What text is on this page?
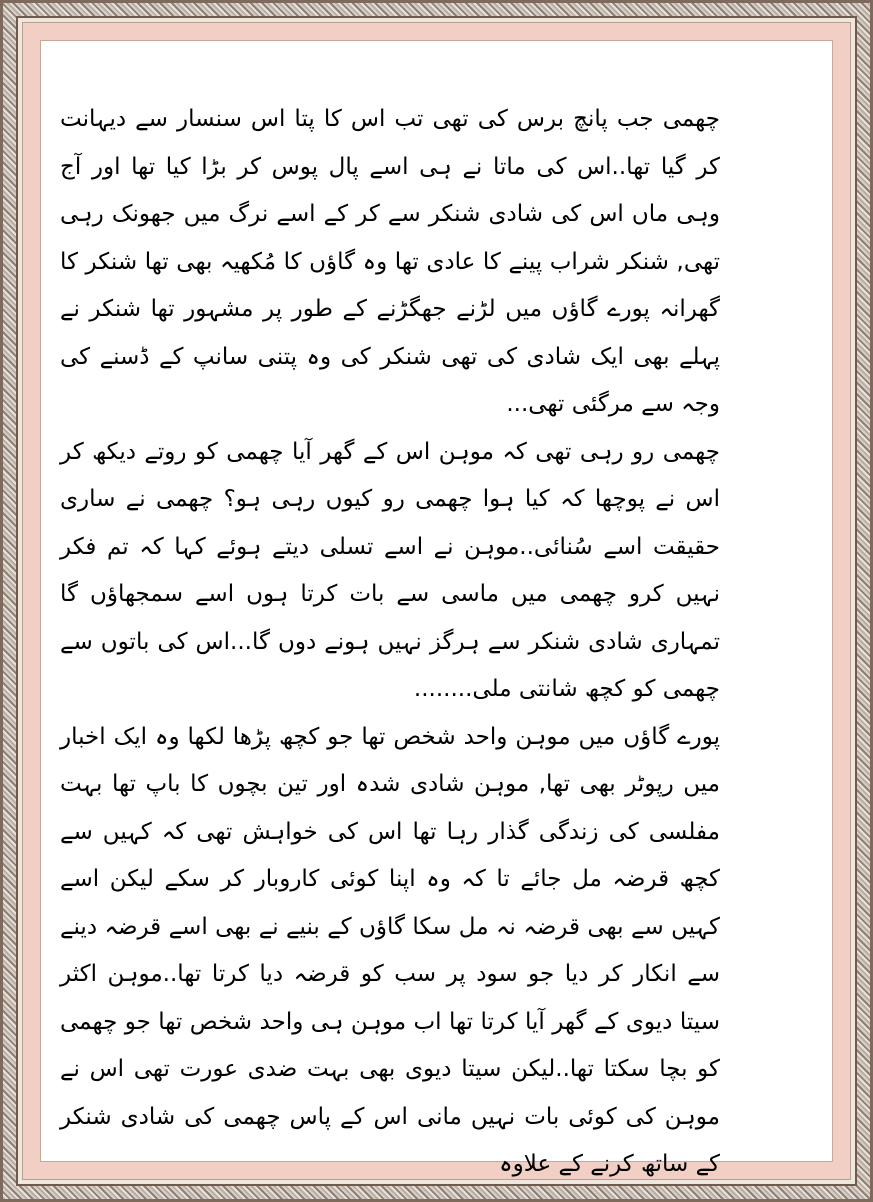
چھمی جب پانچ برس کی تھی تب اس کا پتا اس سنسار سے دیہانت کر گیا تھا..اس کی ماتا نے ہی اسے پال پوس کر بڑا کیا تھا اور آج وہی ماں اس کی شادی شنکر سے کر کے اسے نرگ میں جھونک رہی تھی, شنکر شراب پینے کا عادی تھا وہ گاؤں کا مُکھیہ بھی تھا شنکر کا گھرانہ پورے گاؤں میں لڑنے جھگڑنے کے طور پر مشہور تھا شنکر نے پہلے بھی ایک شادی کی تھی شنکر کی وہ پتنی سانپ کے ڈسنے کی وجہ سے مرگئی تھی...

چھمی رو رہی تھی کہ موہن اس کے گھر آیا چھمی کو روتے دیکھ کر اس نے پوچھا کہ کیا ہوا چھمی رو کیوں رہی ہو؟ چھمی نے ساری حقیقت اسے سُنائی..موہن نے اسے تسلی دیتے ہوئے کہا کہ تم فکر نہیں کرو چھمی میں ماسی سے بات کرتا ہوں اسے سمجھاؤں گا تمہاری شادی شنکر سے ہرگز نہیں ہونے دوں گا...اس کی باتوں سے چھمی کو کچھ شانتی ملی........

پورے گاؤں میں موہن واحد شخص تھا جو کچھ پڑھا لکھا وہ ایک اخبار میں رپوٹر بھی تھا, موہن شادی شدہ اور تین بچوں کا باپ تھا بہت مفلسی کی زندگی گذار رہا تھا اس کی خواہش تھی کہ کہیں سے کچھ قرضہ مل جائے تا کہ وہ اپنا کوئی کاروبار کر سکے لیکن اسے کہیں سے بھی قرضہ نہ مل سکا گاؤں کے بنیے نے بھی اسے قرضہ دینے سے انکار کر دیا جو سود پر سب کو قرضہ دیا کرتا تھا..موہن اکثر سیتا دیوی کے گھر آیا کرتا تھا اب موہن ہی واحد شخص تھا جو چھمی کو بچا سکتا تھا..لیکن سیتا دیوی بھی بہت ضدی عورت تھی اس نے موہن کی کوئی بات نہیں مانی اس کے پاس چھمی کی شادی شنکر کے ساتھ کرنے کے علاوہ
